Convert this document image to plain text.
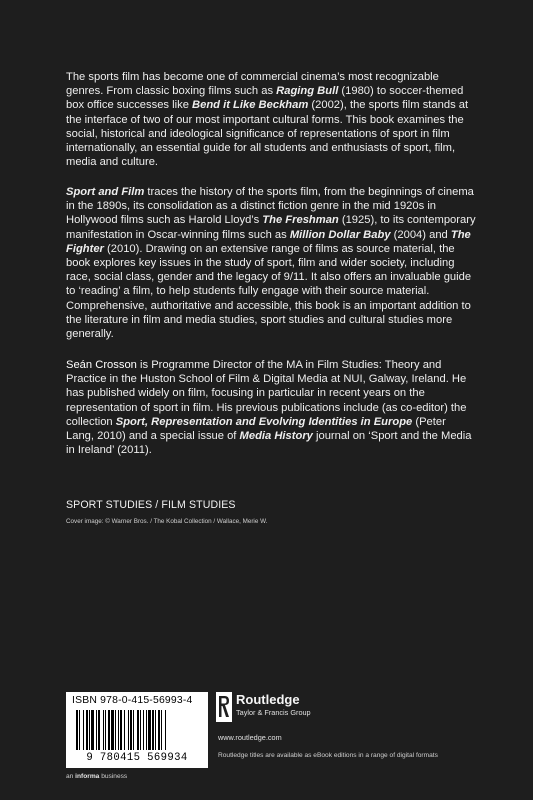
The sports film has become one of commercial cinema’s most recognizable genres. From classic boxing films such as Raging Bull (1980) to soccer-themed box office successes like Bend it Like Beckham (2002), the sports film stands at the interface of two of our most important cultural forms. This book examines the social, historical and ideological significance of representations of sport in film internationally, an essential guide for all students and enthusiasts of sport, film, media and culture.

Sport and Film traces the history of the sports film, from the beginnings of cinema in the 1890s, its consolidation as a distinct fiction genre in the mid 1920s in Hollywood films such as Harold Lloyd’s The Freshman (1925), to its contemporary manifestation in Oscar-winning films such as Million Dollar Baby (2004) and The Fighter (2010). Drawing on an extensive range of films as source material, the book explores key issues in the study of sport, film and wider society, including race, social class, gender and the legacy of 9/11. It also offers an invaluable guide to ‘reading’ a film, to help students fully engage with their source material. Comprehensive, authoritative and accessible, this book is an important addition to the literature in film and media studies, sport studies and cultural studies more generally.

Seán Crosson is Programme Director of the MA in Film Studies: Theory and Practice in the Huston School of Film & Digital Media at NUI, Galway, Ireland. He has published widely on film, focusing in particular in recent years on the representation of sport in film. His previous publications include (as co-editor) the collection Sport, Representation and Evolving Identities in Europe (Peter Lang, 2010) and a special issue of Media History journal on ‘Sport and the Media in Ireland’ (2011).

SPORT STUDIES / FILM STUDIES
Cover image: © Warner Bros. / The Kobal Collection / Wallace, Merie W.
ISBN 978-0-415-56993-4
9 780415 569934
Routledge
Taylor & Francis Group
www.routledge.com
Routledge titles are available as eBook editions in a range of digital formats
an informa business
